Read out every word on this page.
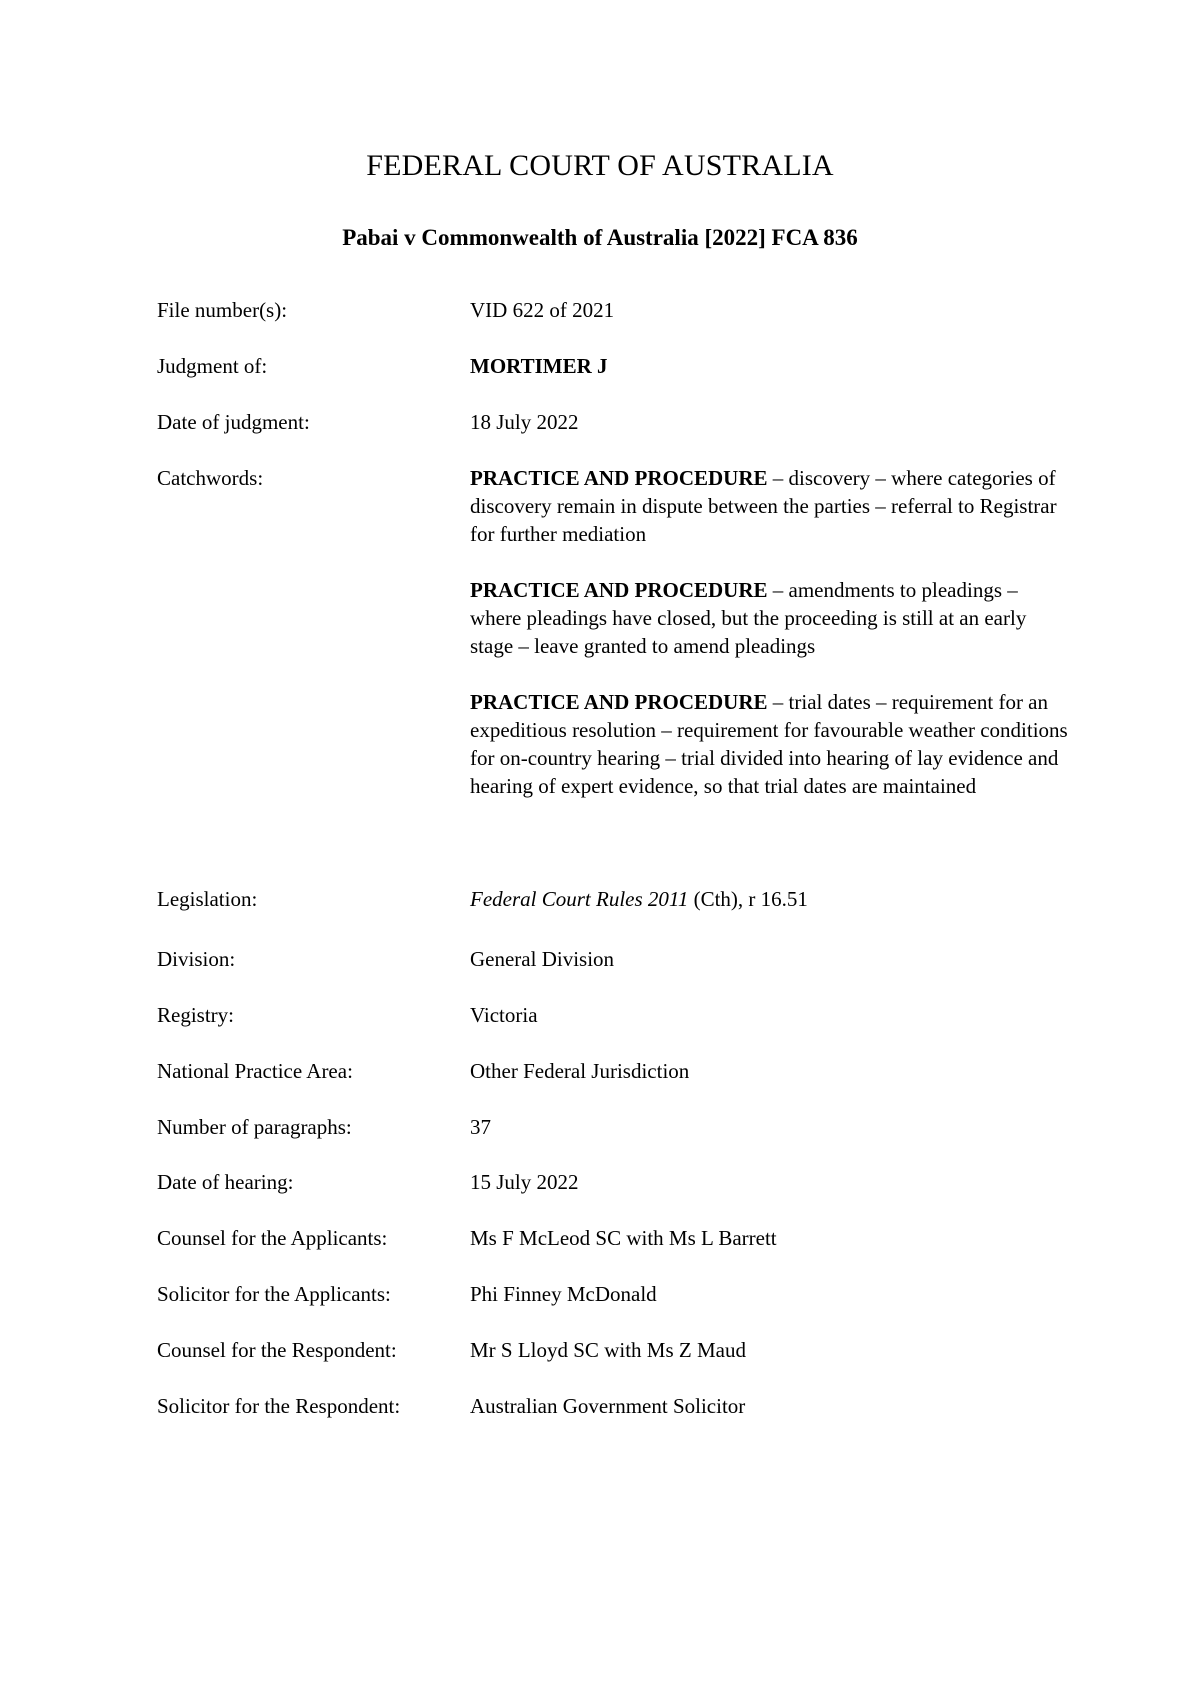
FEDERAL COURT OF AUSTRALIA
Pabai v Commonwealth of Australia [2022] FCA 836
File number(s):	VID 622 of 2021
Judgment of:	MORTIMER J
Date of judgment:	18 July 2022
Catchwords:	PRACTICE AND PROCEDURE – discovery – where categories of discovery remain in dispute between the parties – referral to Registrar for further mediation

PRACTICE AND PROCEDURE – amendments to pleadings – where pleadings have closed, but the proceeding is still at an early stage – leave granted to amend pleadings

PRACTICE AND PROCEDURE – trial dates – requirement for an expeditious resolution – requirement for favourable weather conditions for on-country hearing – trial divided into hearing of lay evidence and hearing of expert evidence, so that trial dates are maintained

Legislation:	Federal Court Rules 2011 (Cth), r 16.51
Division:	General Division
Registry:	Victoria
National Practice Area:	Other Federal Jurisdiction
Number of paragraphs:	37
Date of hearing:	15 July 2022
Counsel for the Applicants:	Ms F McLeod SC with Ms L Barrett
Solicitor for the Applicants:	Phi Finney McDonald
Counsel for the Respondent:	Mr S Lloyd SC with Ms Z Maud
Solicitor for the Respondent:	Australian Government Solicitor
